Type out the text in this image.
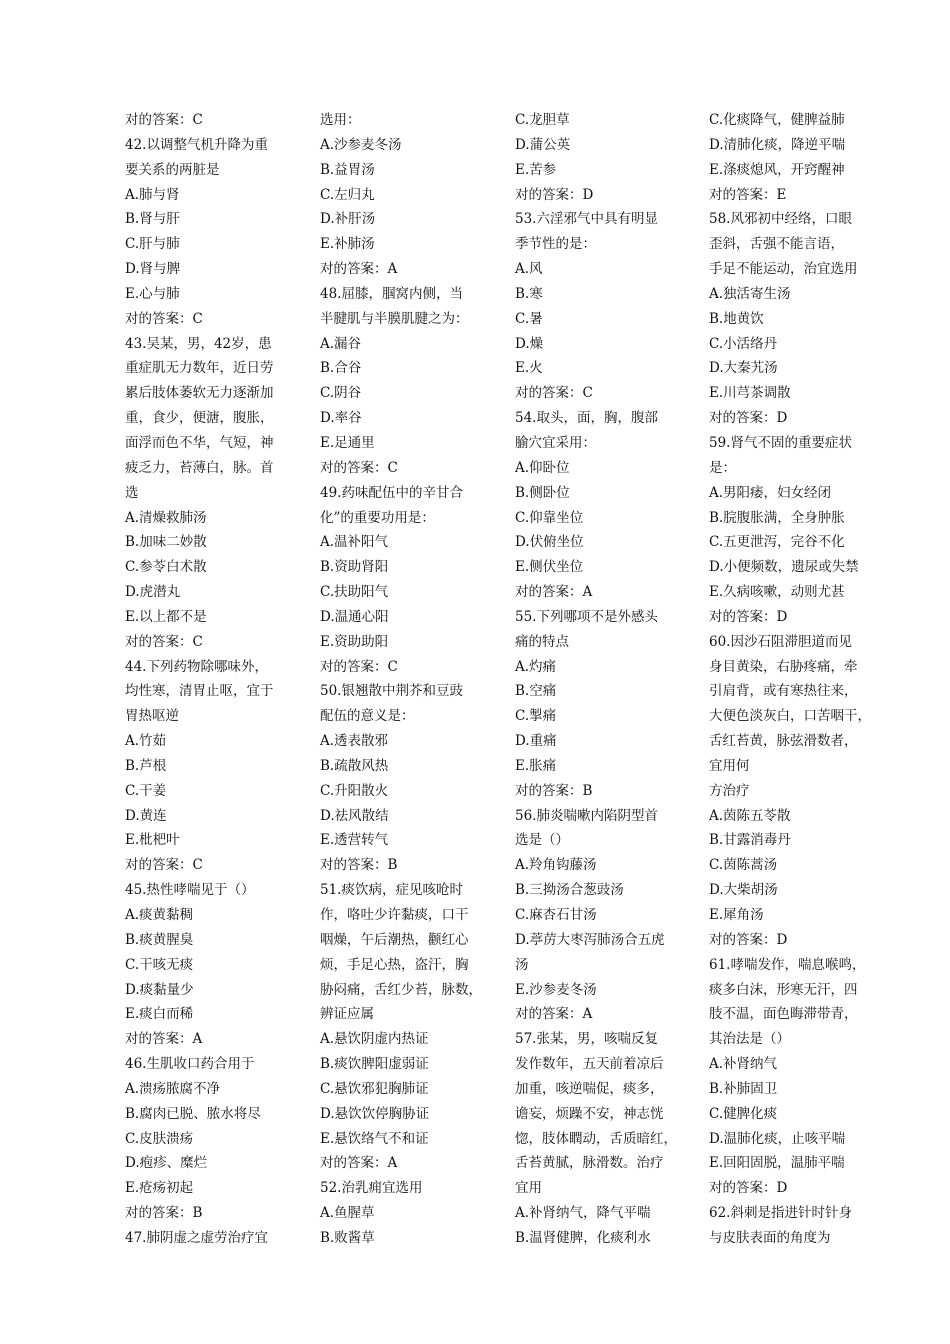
对的答案：C
42.以调整气机升降为重
要关系的两脏是
A.肺与肾
B.肾与肝
C.肝与肺
D.肾与脾
E.心与肺
对的答案：C
43.吴某，男，42岁，患
重症肌无力数年，近日劳
累后肢体萎软无力逐渐加
重，食少，便溏，腹胀，
面浮而色不华，气短，神
疲乏力，苔薄白，脉。首
选
A.清燥救肺汤
B.加味二妙散
C.参苓白术散
D.虎潜丸
E.以上都不是
对的答案：C
44.下列药物除哪味外，
均性寒，清胃止呕，宜于
胃热呕逆
A.竹茹
B.芦根
C.干姜
D.黄连
E.枇杷叶
对的答案：C
45.热性哮喘见于（）
A.痰黄黏稠
B.痰黄腥臭
C.干咳无痰
D.痰黏量少
E.痰白而稀
对的答案：A
46.生肌收口药合用于
A.溃疡脓腐不净
B.腐肉已脱、脓水将尽
C.皮肤溃疡
D.疱疹、糜烂
E.疮疡初起
对的答案：B
47.肺阴虚之虚劳治疗宜
选用：
A.沙参麦冬汤
B.益胃汤
C.左归丸
D.补肝汤
E.补肺汤
对的答案：A
48.屈膝，腘窝内侧，当
半腱肌与半膜肌腱之为：
A.漏谷
B.合谷
C.阴谷
D.率谷
E.足通里
对的答案：C
49.药味配伍中的辛甘合
化”的重要功用是：
A.温补阳气
B.资助肾阳
C.扶助阳气
D.温通心阳
E.资助助阳
对的答案：C
50.银翘散中荆芥和豆豉
配伍的意义是：
A.透表散邪
B.疏散风热
C.升阳散火
D.祛风散结
E.透营转气
对的答案：B
51.痰饮病，症见咳呛时
作，咯吐少许黏痰，口干
咽燥，午后潮热，颧红心
烦，手足心热，盗汗，胸
胁闷痛，舌红少苔，脉数，
辨证应属
A.悬饮阴虚内热证
B.痰饮脾阳虚弱证
C.悬饮邪犯胸肺证
D.悬饮饮停胸胁证
E.悬饮络气不和证
对的答案：A
52.治乳痈宜选用
A.鱼腥草
B.败酱草
C.龙胆草
D.蒲公英
E.苦参
对的答案：D
53.六淫邪气中具有明显
季节性的是：
A.风
B.寒
C.暑
D.燥
E.火
对的答案：C
54.取头，面，胸，腹部
腧穴宜采用：
A.仰卧位
B.侧卧位
C.仰靠坐位
D.伏俯坐位
E.侧伏坐位
对的答案：A
55.下列哪项不是外感头
痛的特点
A.灼痛
B.空痛
C.掣痛
D.重痛
E.胀痛
对的答案：B
56.肺炎喘嗽内陷阴型首
选是（）
A.羚角钩藤汤
B.三拗汤合葱豉汤
C.麻杏石甘汤
D.葶苈大枣泻肺汤合五虎
汤
E.沙参麦冬汤
对的答案：A
57.张某，男，咳喘反复
发作数年，五天前着凉后
加重，咳逆喘促，痰多，
谵妄，烦躁不安，神志恍
惚，肢体瞤动，舌质暗红，
舌苔黄腻，脉滑数。治疗
宜用
A.补肾纳气，降气平喘
B.温肾健脾，化痰利水
C.化痰降气，健脾益肺
D.清肺化痰，降逆平喘
E.涤痰熄风，开窍醒神
对的答案：E
58.风邪初中经络，口眼
歪斜，舌强不能言语，
手足不能运动，治宜选用
A.独活寄生汤
B.地黄饮
C.小活络丹
D.大秦艽汤
E.川芎茶调散
对的答案：D
59.肾气不固的重要症状
是：
A.男阳痿，妇女经闭
B.脘腹胀满，全身肿胀
C.五更泄泻，完谷不化
D.小便频数，遗尿或失禁
E.久病咳嗽，动则尤甚
对的答案：D
60.因沙石阻滞胆道而见
身目黄染，右胁疼痛，牵
引肩背，或有寒热往来，
大便色淡灰白，口苦咽干，
舌红苔黄，脉弦滑数者，
宜用何
方治疗
A.茵陈五苓散
B.甘露消毒丹
C.茵陈蒿汤
D.大柴胡汤
E.犀角汤
对的答案：D
61.哮喘发作，喘息喉鸣，
痰多白沫，形寒无汗，四
肢不温，面色晦滞带青，
其治法是（）
A.补肾纳气
B.补肺固卫
C.健脾化痰
D.温肺化痰，止咳平喘
E.回阳固脱，温肺平喘
对的答案：D
62.斜刺是指进针时针身
与皮肤表面的角度为
